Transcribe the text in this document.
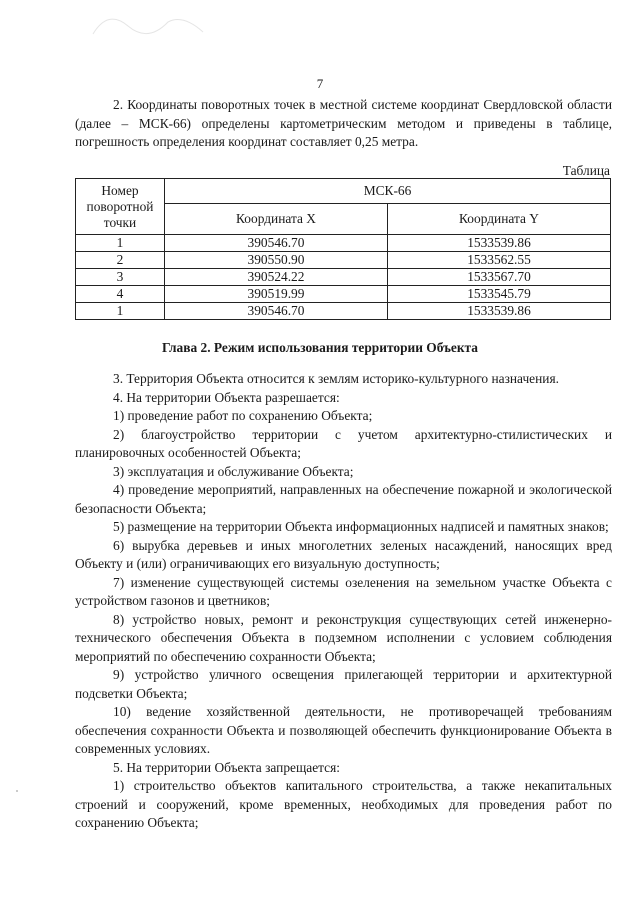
7

2. Координаты поворотных точек в местной системе координат Свердловской области (далее – МСК-66) определены картометрическим методом и приведены в таблице, погрешность определения координат составляет 0,25 метра.

Таблица
Номер поворотной точки	МСК-66	
	Координата X	Координата Y
1	390546.70	1533539.86
2	390550.90	1533562.55
3	390524.22	1533567.70
4	390519.99	1533545.79
1	390546.70	1533539.86
Глава 2. Режим использования территории Объекта

3. Территория Объекта относится к землям историко-культурного назначения.

4. На территории Объекта разрешается:

1) проведение работ по сохранению Объекта;

2) благоустройство территории с учетом архитектурно-стилистических и планировочных особенностей Объекта;

3) эксплуатация и обслуживание Объекта;

4) проведение мероприятий, направленных на обеспечение пожарной и экологической безопасности Объекта;

5) размещение на территории Объекта информационных надписей и памятных знаков;

6) вырубка деревьев и иных многолетних зеленых насаждений, наносящих вред Объекту и (или) ограничивающих его визуальную доступность;

7) изменение существующей системы озеленения на земельном участке Объекта с устройством газонов и цветников;

8) устройство новых, ремонт и реконструкция существующих сетей инженерно-технического обеспечения Объекта в подземном исполнении с условием соблюдения мероприятий по обеспечению сохранности Объекта;

9) устройство уличного освещения прилегающей территории и архитектурной подсветки Объекта;

10) ведение хозяйственной деятельности, не противоречащей требованиям обеспечения сохранности Объекта и позволяющей обеспечить функционирование Объекта в современных условиях.

5. На территории Объекта запрещается:

1) строительство объектов капитального строительства, а также некапитальных строений и сооружений, кроме временных, необходимых для проведения работ по сохранению Объекта;
